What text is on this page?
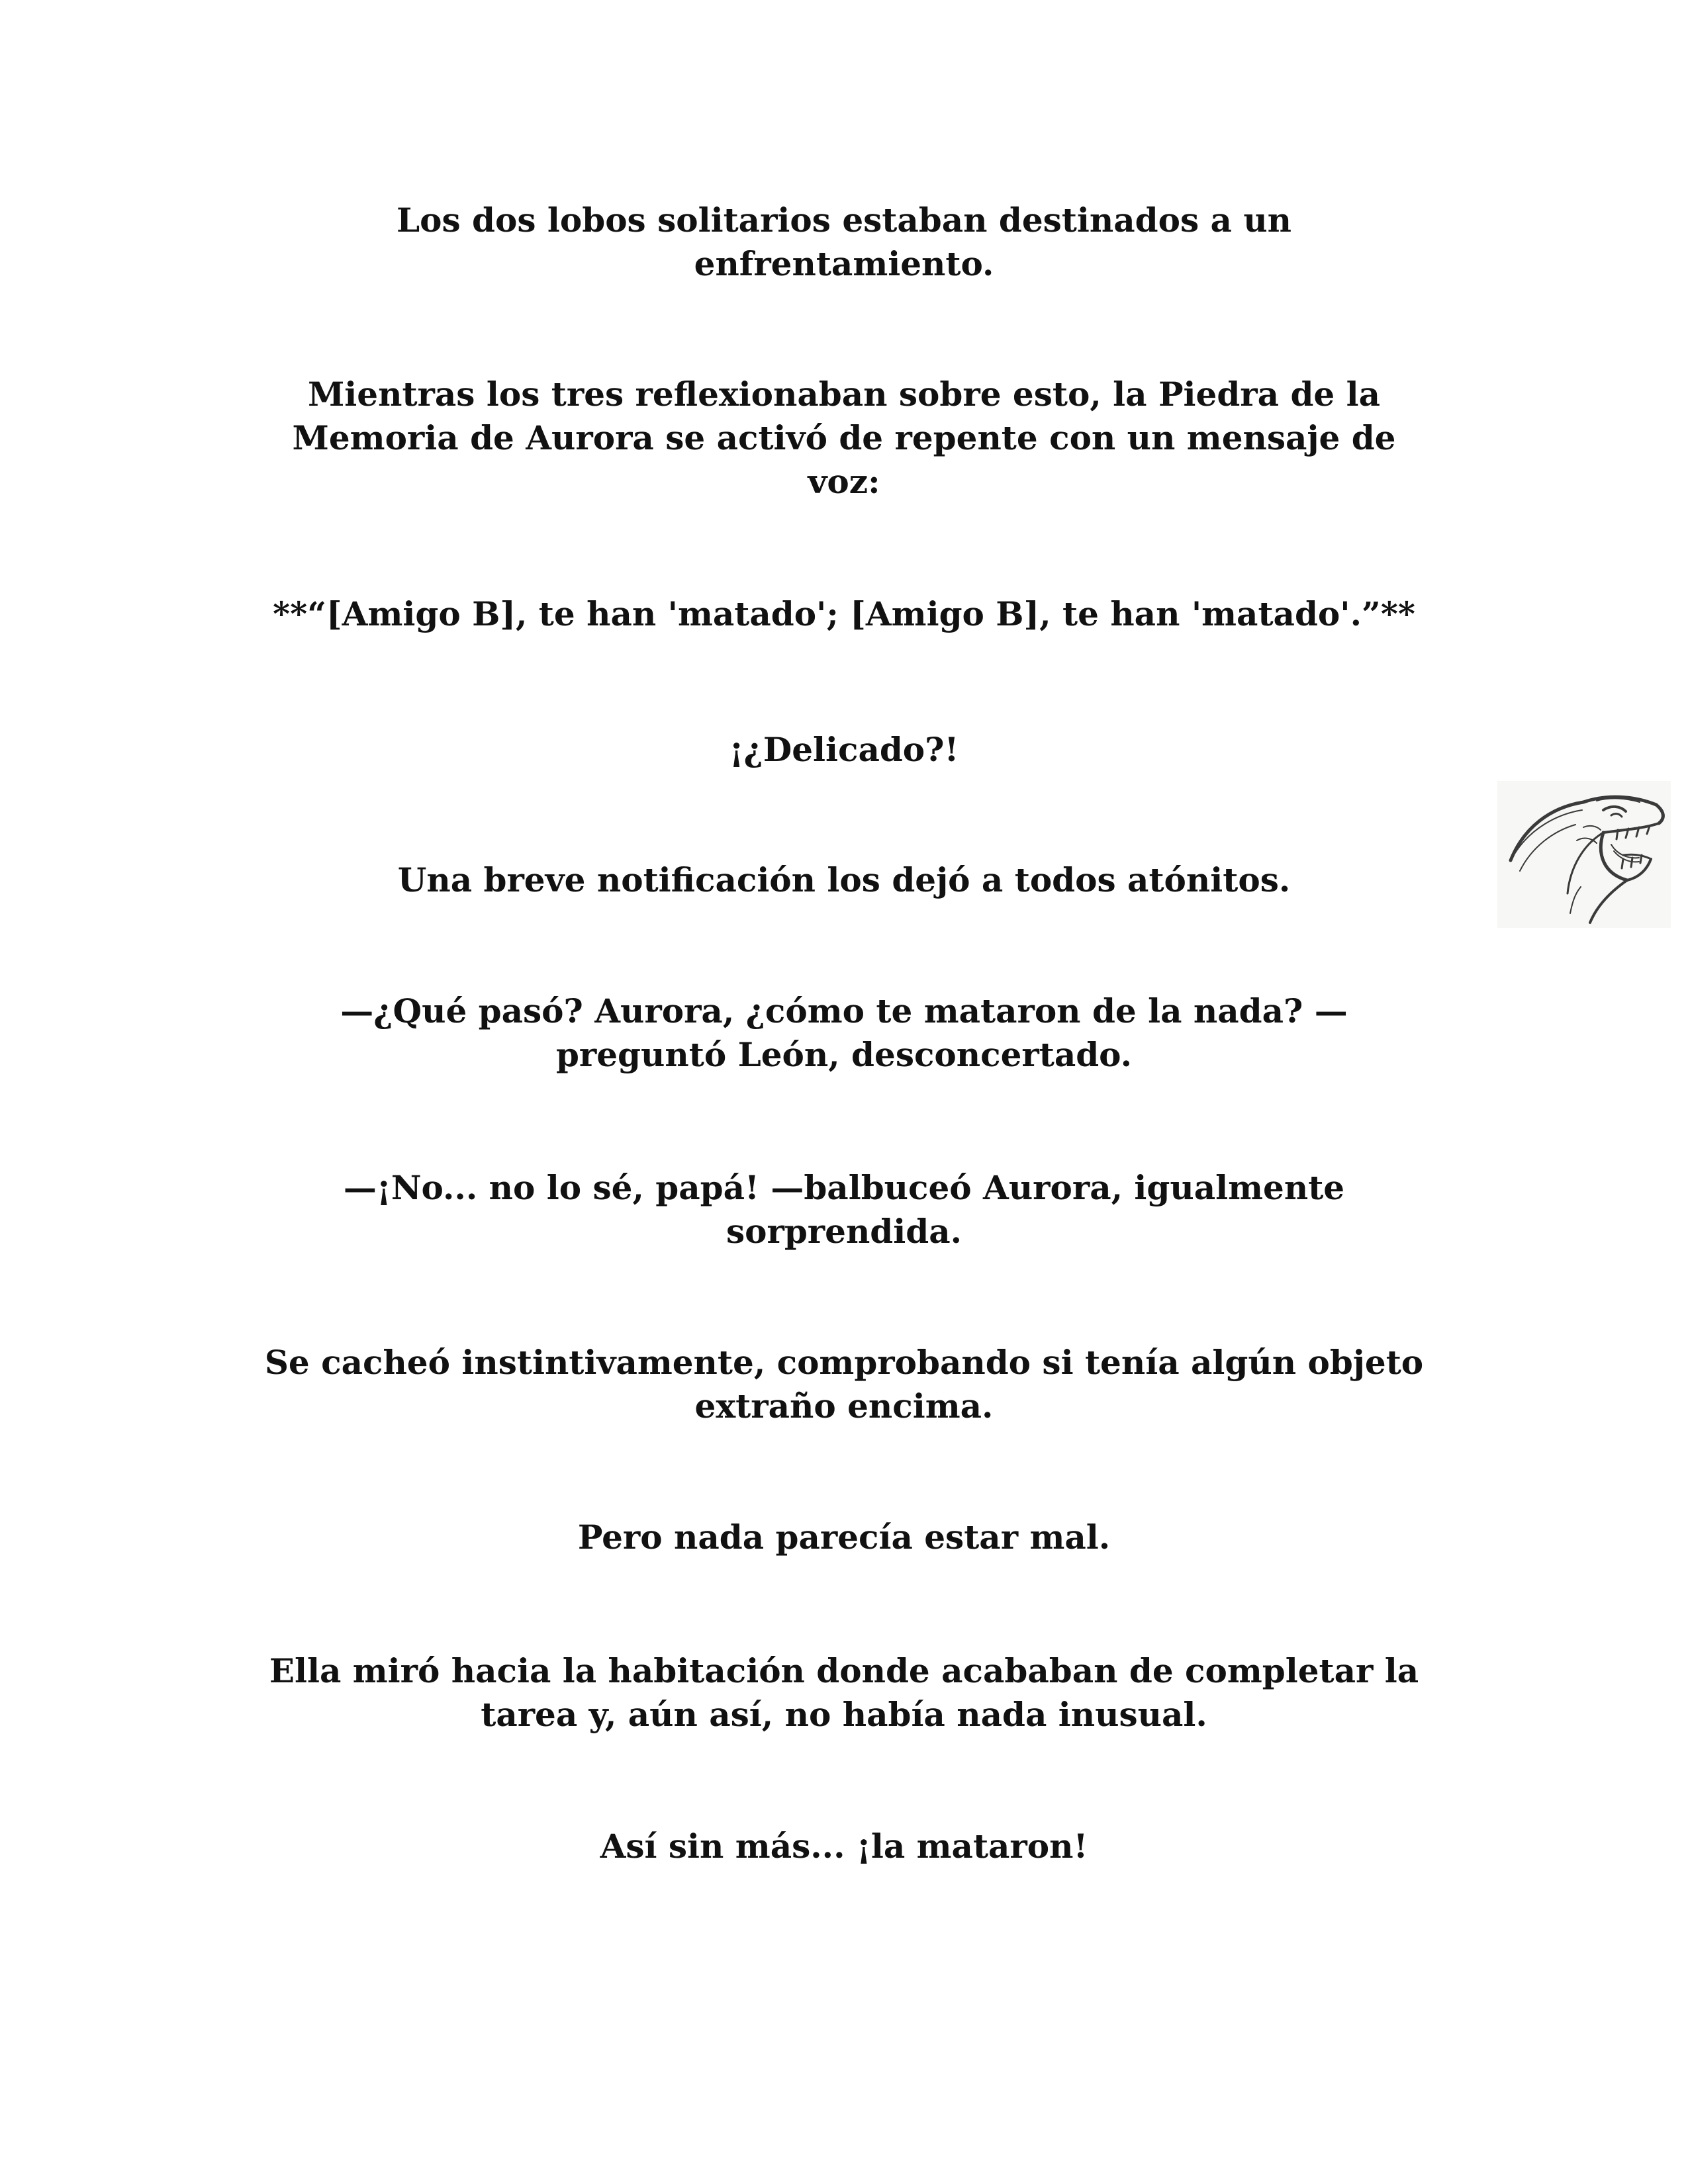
Los dos lobos solitarios estaban destinados a un
enfrentamiento.

Mientras los tres reflexionaban sobre esto, la Piedra de la
Memoria de Aurora se activó de repente con un mensaje de
voz:

**“[Amigo B], te han 'matado'; [Amigo B], te han 'matado'.”**

¡¿Delicado?!

Una breve notificación los dejó a todos atónitos.

—¿Qué pasó? Aurora, ¿cómo te mataron de la nada? —
preguntó León, desconcertado.

—¡No... no lo sé, papá! —balbuceó Aurora, igualmente
sorprendida.

Se cacheó instintivamente, comprobando si tenía algún objeto
extraño encima.

Pero nada parecía estar mal.

Ella miró hacia la habitación donde acababan de completar la
tarea y, aún así, no había nada inusual.

Así sin más... ¡la mataron!
